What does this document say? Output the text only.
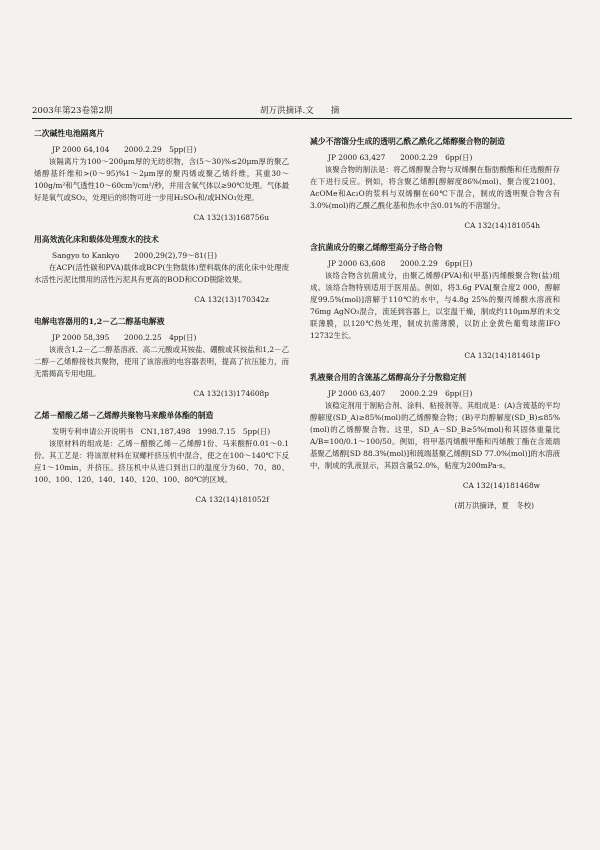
2003年第23卷第2期	胡万洪摘译.文　　摘
二次碱性电池隔离片
JP 2000 64,104　　2000.2.29　5pp(日)

该隔离片为100～200μm厚的无纺织物，含(5～30)%≤20μm厚的聚乙烯醇基纤维和>(0～95)%1～2μm厚的聚丙烯或聚乙烯纤维，其重30～100g/m²和气透性10～60cm³/cm²/秒，并用含氧气体以≥90℃处理。气体最好是氧气或SO₂，处理后的织物可进一步用H₂SO₄和/或HNO₃处理。

CA 132(13)168756u
用高效流化床和载体处理废水的技术
Sangyo to Kankyo　　2000,29(2),79～81(日)

在ACP(活性碳和PVA)载体或BCP(生物载体)塑料载体的流化床中处理废水活性污泥比惯用的活性污泥具有更高的BOD和COD脱除效果。

CA 132(13)170342z
电解电容器用的1,2－乙二醇基电解液
JP 2000 58,395　　2000.2.25　4pp(日)

该液含1,2－乙二醇基溶液、高二元酸或其铵盐、硼酸或其铵盐和1,2－乙二醇－乙烯醇接枝共聚物，使用了该溶液的电容器表明，提高了抗压能力，而无需揭高专用电阻。

CA 132(13)174608p
乙烯－醋酸乙烯－乙烯醇共聚物马来酸单体酯的制造
发明专利申请公开说明书　CN1,187,498　1998.7.15　5pp(日)

该原材料的组成是：乙烯－醋酸乙烯－乙烯醇1份、马来酸酐0.01～0.1份。其工艺是：将该原材料在双螺杆挤压机中混合，使之在100～140℃下反应1～10min，并挤压。挤压机中从进口到出口的温度分为60、70、80、100、100、120、140、140、120、100、80℃的区域。

CA 132(14)181052f
减少不溶馏分生成的透明乙酰乙酰化乙烯醇聚合物的制造
JP 2000 63,427　　2000.2.29　6pp(日)

该聚合物的制法是：将乙烯醇聚合物与双烯酮在脂肪酸酯和任选酸酐存在下进行反应。例如，将含聚乙烯醇[醇解度86%(mol)、聚合度2100]、AcOMe和Ac₂O的浆料与双烯酮在60℃下混合，制成的透明聚合物含有3.0%(mol)的乙酰乙酰化基和热水中含0.01%的不溶馏分。

CA 132(14)181054h
含抗菌成分的聚乙烯醇型高分子络合物
JP 2000 63,608　　2000.2.29　6pp(日)

该络合物含抗菌成分，由聚乙烯醇(PVA)和(甲基)丙烯酸聚合物(盐)组成。该络合物特别适用于医用品。例如，将3.6g PVA[聚合度2 000，醇解度99.5%(mol)]溶解于110℃的水中，与4.8g 25%的聚丙烯酸水溶液和76mg AgNO₃混合，流延到容器上，以室温干燥，制成约110μm厚的未交联薄膜，以120℃热处理，制成抗菌薄膜，以防止金黄色葡萄球菌IFO 12732生长。

CA 132(14)181461p
乳液聚合用的含巯基乙烯醇高分子分散稳定剂
JP 2000 63,407　　2000.2.29　6pp(日)

该稳定剂用于制粘合剂、涂料、粘接剂等。其组成是：(A)含巯基的平均醇解度(SD_A)≥85%(mol)的乙烯醇聚合物；(B)平均醇解度(SD_B)≤85%(mol)的乙烯醇聚合物。这里，SD_A－SD_B≥5%(mol)和其固体重量比A/B=100/0.1～100/50。例如，将甲基丙烯酸甲酯和丙烯酸丁酯在含巯端基聚乙烯醇[SD 88.3%(mol)]和巯端基聚乙烯醇[SD 77.0%(mol)]的水溶液中，制成的乳液显示，其固含量52.0%，粘度为200mPa·s。

CA 132(14)181468w
(胡万洪摘译，夏　冬校)
